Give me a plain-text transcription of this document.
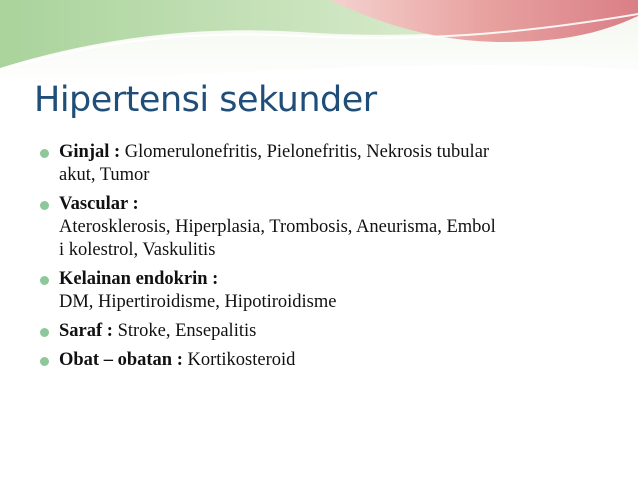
Hipertensi sekunder
Ginjal : Glomerulonefritis, Pielonefritis, Nekrosis tubular
akut, Tumor
Vascular :
Aterosklerosis, Hiperplasia, Trombosis, Aneurisma, Embol
i kolestrol, Vaskulitis
Kelainan endokrin :
DM, Hipertiroidisme, Hipotiroidisme
Saraf : Stroke, Ensepalitis
Obat – obatan : Kortikosteroid
